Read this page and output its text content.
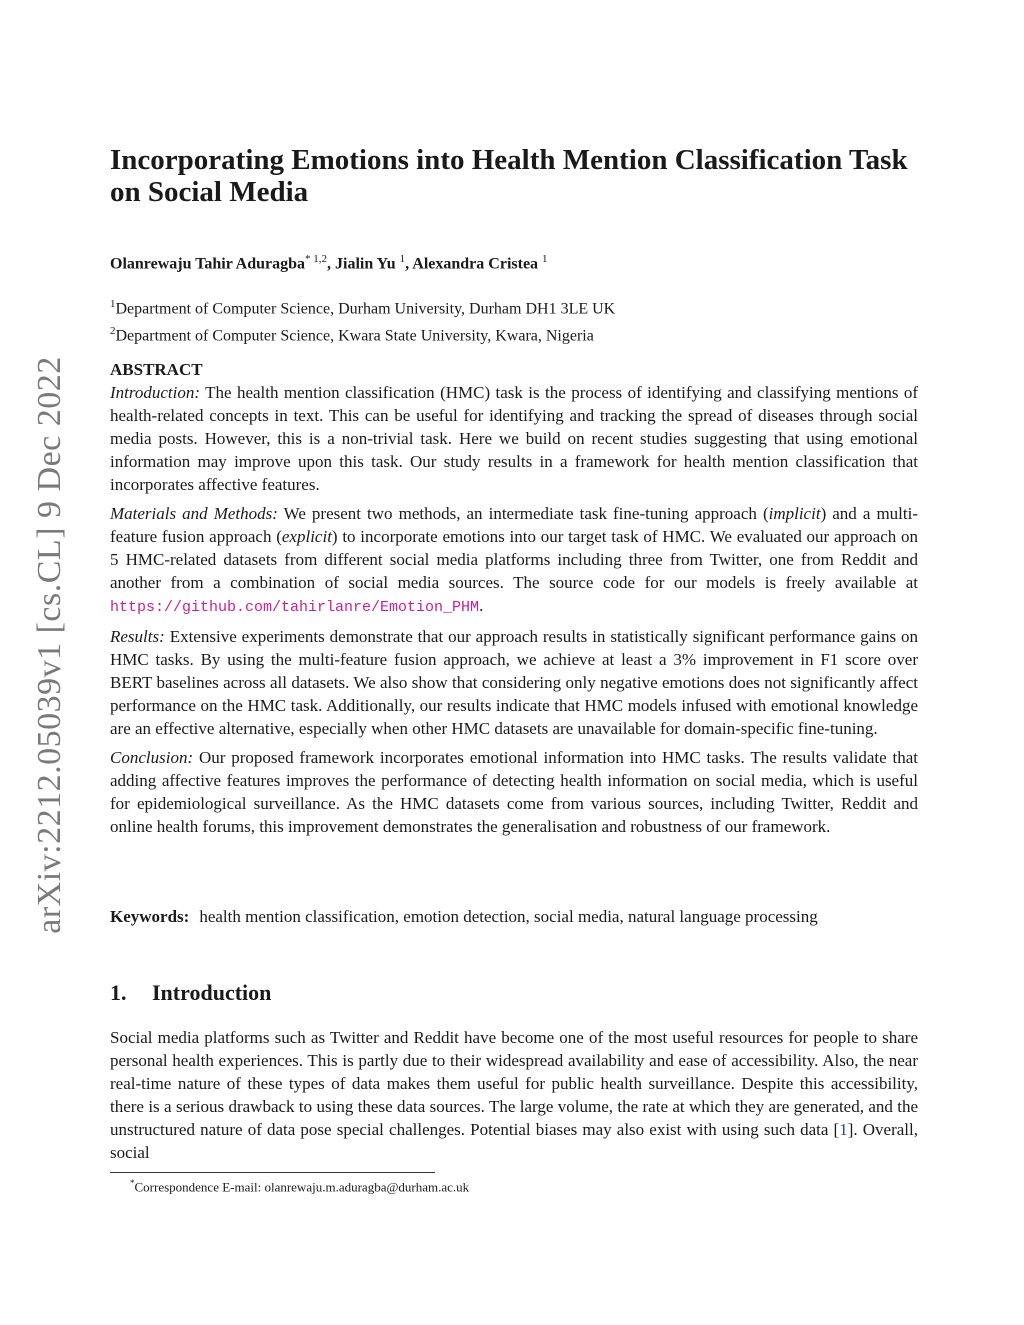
arXiv:2212.05039v1 [cs.CL] 9 Dec 2022
Incorporating Emotions into Health Mention Classification Task on Social Media
Olanrewaju Tahir Aduragba$^{* 1,2}$, Jialin Yu $^1$, Alexandra Cristea $^1$
$^1$Department of Computer Science, Durham University, Durham DH1 3LE UK
$^2$Department of Computer Science, Kwara State University, Kwara, Nigeria
ABSTRACT

Introduction: The health mention classification (HMC) task is the process of identifying and classifying mentions of health-related concepts in text. This can be useful for identifying and tracking the spread of diseases through social media posts. However, this is a non-trivial task. Here we build on recent studies suggesting that using emotional information may improve upon this task. Our study results in a framework for health mention classification that incorporates affective features.

Materials and Methods: We present two methods, an intermediate task fine-tuning approach (implicit) and a multi-feature fusion approach (explicit) to incorporate emotions into our target task of HMC. We evaluated our approach on 5 HMC-related datasets from different social media platforms including three from Twitter, one from Reddit and another from a combination of social media sources. The source code for our models is freely available at https://github.com/tahirlanre/Emotion_PHM.

Results: Extensive experiments demonstrate that our approach results in statistically significant performance gains on HMC tasks. By using the multi-feature fusion approach, we achieve at least a 3% improvement in F1 score over BERT baselines across all datasets. We also show that considering only negative emotions does not significantly affect performance on the HMC task. Additionally, our results indicate that HMC models infused with emotional knowledge are an effective alternative, especially when other HMC datasets are unavailable for domain-specific fine-tuning.

Conclusion: Our proposed framework incorporates emotional information into HMC tasks. The results validate that adding affective features improves the performance of detecting health information on social media, which is useful for epidemiological surveillance. As the HMC datasets come from various sources, including Twitter, Reddit and online health forums, this improvement demonstrates the generalisation and robustness of our framework.

Keywords: health mention classification, emotion detection, social media, natural language processing
1. Introduction

Social media platforms such as Twitter and Reddit have become one of the most useful resources for people to share personal health experiences. This is partly due to their widespread availability and ease of accessibility. Also, the near real-time nature of these types of data makes them useful for public health surveillance. Despite this accessibility, there is a serious drawback to using these data sources. The large volume, the rate at which they are generated, and the unstructured nature of data pose special challenges. Potential biases may also exist with using such data [1]. Overall, social

*Correspondence E-mail: olanrewaju.m.aduragba@durham.ac.uk
